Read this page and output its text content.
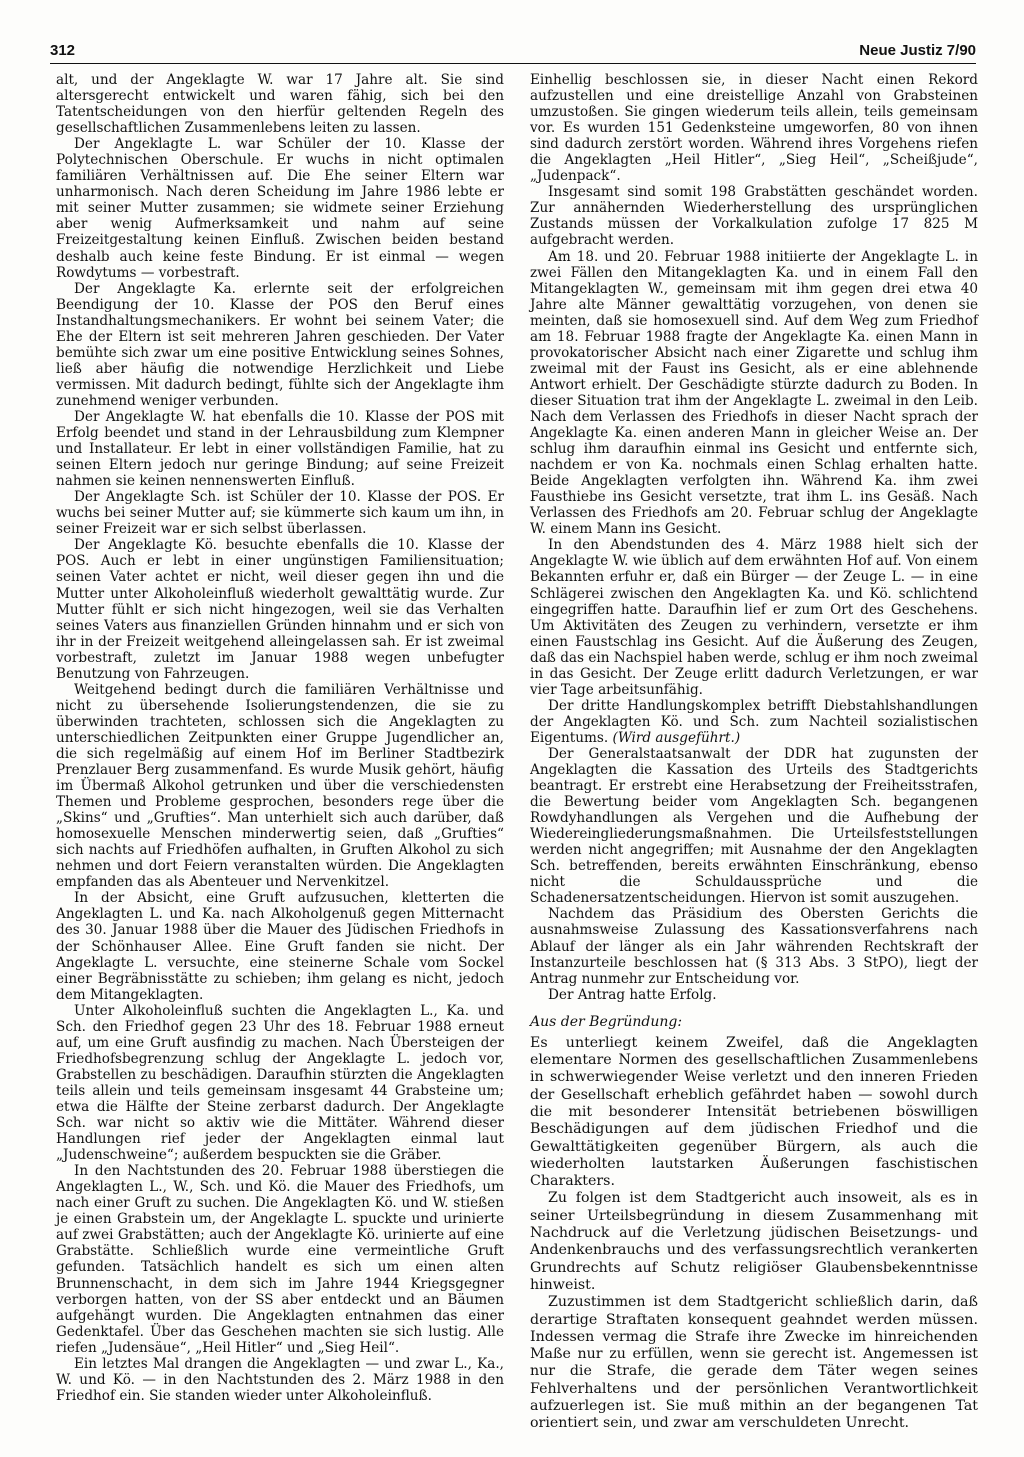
312	Neue Justiz 7/90

alt, und der Angeklagte W. war 17 Jahre alt. Sie sind altersgerecht entwickelt und waren fähig, sich bei den Tatentscheidungen von den hierfür geltenden Regeln des gesellschaftlichen Zusammenlebens leiten zu lassen.

Der Angeklagte L. war Schüler der 10. Klasse der Polytechnischen Oberschule. Er wuchs in nicht optimalen familiären Verhältnissen auf. Die Ehe seiner Eltern war unharmonisch. Nach deren Scheidung im Jahre 1986 lebte er mit seiner Mutter zusammen; sie widmete seiner Erziehung aber wenig Aufmerksamkeit und nahm auf seine Freizeitgestaltung keinen Einfluß. Zwischen beiden bestand deshalb auch keine feste Bindung. Er ist einmal — wegen Rowdytums — vorbestraft.

Der Angeklagte Ka. erlernte seit der erfolgreichen Beendigung der 10. Klasse der POS den Beruf eines Instandhaltungsmechanikers. Er wohnt bei seinem Vater; die Ehe der Eltern ist seit mehreren Jahren geschieden. Der Vater bemühte sich zwar um eine positive Entwicklung seines Sohnes, ließ aber häufig die notwendige Herzlichkeit und Liebe vermissen. Mit dadurch bedingt, fühlte sich der Angeklagte ihm zunehmend weniger verbunden.

Der Angeklagte W. hat ebenfalls die 10. Klasse der POS mit Erfolg beendet und stand in der Lehrausbildung zum Klempner und Installateur. Er lebt in einer vollständigen Familie, hat zu seinen Eltern jedoch nur geringe Bindung; auf seine Freizeit nahmen sie keinen nennenswerten Einfluß.

Der Angeklagte Sch. ist Schüler der 10. Klasse der POS. Er wuchs bei seiner Mutter auf; sie kümmerte sich kaum um ihn, in seiner Freizeit war er sich selbst überlassen.

Der Angeklagte Kö. besuchte ebenfalls die 10. Klasse der POS. Auch er lebt in einer ungünstigen Familiensituation; seinen Vater achtet er nicht, weil dieser gegen ihn und die Mutter unter Alkoholeinfluß wiederholt gewalttätig wurde. Zur Mutter fühlt er sich nicht hingezogen, weil sie das Verhalten seines Vaters aus finanziellen Gründen hinnahm und er sich von ihr in der Freizeit weitgehend alleingelassen sah. Er ist zweimal vorbestraft, zuletzt im Januar 1988 wegen unbefugter Benutzung von Fahrzeugen.

Weitgehend bedingt durch die familiären Verhältnisse und nicht zu übersehende Isolierungstendenzen, die sie zu überwinden trachteten, schlossen sich die Angeklagten zu unterschiedlichen Zeitpunkten einer Gruppe Jugendlicher an, die sich regelmäßig auf einem Hof im Berliner Stadtbezirk Prenzlauer Berg zusammenfand. Es wurde Musik gehört, häufig im Übermaß Alkohol getrunken und über die verschiedensten Themen und Probleme gesprochen, besonders rege über die „Skins“ und „Grufties“. Man unterhielt sich auch darüber, daß homosexuelle Menschen minderwertig seien, daß „Grufties“ sich nachts auf Friedhöfen aufhalten, in Gruften Alkohol zu sich nehmen und dort Feiern veranstalten würden. Die Angeklagten empfanden das als Abenteuer und Nervenkitzel.

In der Absicht, eine Gruft aufzusuchen, kletterten die Angeklagten L. und Ka. nach Alkoholgenuß gegen Mitternacht des 30. Januar 1988 über die Mauer des Jüdischen Friedhofs in der Schönhauser Allee. Eine Gruft fanden sie nicht. Der Angeklagte L. versuchte, eine steinerne Schale vom Sockel einer Begräbnisstätte zu schieben; ihm gelang es nicht, jedoch dem Mitangeklagten.

Unter Alkoholeinfluß suchten die Angeklagten L., Ka. und Sch. den Friedhof gegen 23 Uhr des 18. Februar 1988 erneut auf, um eine Gruft ausfindig zu machen. Nach Übersteigen der Friedhofsbegrenzung schlug der Angeklagte L. jedoch vor, Grabstellen zu beschädigen. Daraufhin stürzten die Angeklagten teils allein und teils gemeinsam insgesamt 44 Grabsteine um; etwa die Hälfte der Steine zerbarst dadurch. Der Angeklagte Sch. war nicht so aktiv wie die Mittäter. Während dieser Handlungen rief jeder der Angeklagten einmal laut „Judenschweine“; außerdem bespuckten sie die Gräber.

In den Nachtstunden des 20. Februar 1988 überstiegen die Angeklagten L., W., Sch. und Kö. die Mauer des Friedhofs, um nach einer Gruft zu suchen. Die Angeklagten Kö. und W. stießen je einen Grabstein um, der Angeklagte L. spuckte und urinierte auf zwei Grabstätten; auch der Angeklagte Kö. urinierte auf eine Grabstätte. Schließlich wurde eine vermeintliche Gruft gefunden. Tatsächlich handelt es sich um einen alten Brunnenschacht, in dem sich im Jahre 1944 Kriegsgegner verborgen hatten, von der SS aber entdeckt und an Bäumen aufgehängt wurden. Die Angeklagten entnahmen das einer Gedenktafel. Über das Geschehen machten sie sich lustig. Alle riefen „Judensäue“, „Heil Hitler“ und „Sieg Heil“.

Ein letztes Mal drangen die Angeklagten — und zwar L., Ka., W. und Kö. — in den Nachtstunden des 2. März 1988 in den Friedhof ein. Sie standen wieder unter Alkoholeinfluß.

Einhellig beschlossen sie, in dieser Nacht einen Rekord aufzustellen und eine dreistellige Anzahl von Grabsteinen umzustoßen. Sie gingen wiederum teils allein, teils gemeinsam vor. Es wurden 151 Gedenksteine umgeworfen, 80 von ihnen sind dadurch zerstört worden. Während ihres Vorgehens riefen die Angeklagten „Heil Hitler“, „Sieg Heil“, „Scheißjude“, „Judenpack“.

Insgesamt sind somit 198 Grabstätten geschändet worden. Zur annähernden Wiederherstellung des ursprünglichen Zustands müssen der Vorkalkulation zufolge 17 825 M aufgebracht werden.

Am 18. und 20. Februar 1988 initiierte der Angeklagte L. in zwei Fällen den Mitangeklagten Ka. und in einem Fall den Mitangeklagten W., gemeinsam mit ihm gegen drei etwa 40 Jahre alte Männer gewalttätig vorzugehen, von denen sie meinten, daß sie homosexuell sind. Auf dem Weg zum Friedhof am 18. Februar 1988 fragte der Angeklagte Ka. einen Mann in provokatorischer Absicht nach einer Zigarette und schlug ihm zweimal mit der Faust ins Gesicht, als er eine ablehnende Antwort erhielt. Der Geschädigte stürzte dadurch zu Boden. In dieser Situation trat ihm der Angeklagte L. zweimal in den Leib. Nach dem Verlassen des Friedhofs in dieser Nacht sprach der Angeklagte Ka. einen anderen Mann in gleicher Weise an. Der schlug ihm daraufhin einmal ins Gesicht und entfernte sich, nachdem er von Ka. nochmals einen Schlag erhalten hatte. Beide Angeklagten verfolgten ihn. Während Ka. ihm zwei Fausthiebe ins Gesicht versetzte, trat ihm L. ins Gesäß. Nach Verlassen des Friedhofs am 20. Februar schlug der Angeklagte W. einem Mann ins Gesicht.

In den Abendstunden des 4. März 1988 hielt sich der Angeklagte W. wie üblich auf dem erwähnten Hof auf. Von einem Bekannten erfuhr er, daß ein Bürger — der Zeuge L. — in eine Schlägerei zwischen den Angeklagten Ka. und Kö. schlichtend eingegriffen hatte. Daraufhin lief er zum Ort des Geschehens. Um Aktivitäten des Zeugen zu verhindern, versetzte er ihm einen Faustschlag ins Gesicht. Auf die Äußerung des Zeugen, daß das ein Nachspiel haben werde, schlug er ihm noch zweimal in das Gesicht. Der Zeuge erlitt dadurch Verletzungen, er war vier Tage arbeitsunfähig.

Der dritte Handlungskomplex betrifft Diebstahlshandlungen der Angeklagten Kö. und Sch. zum Nachteil sozialistischen Eigentums. (Wird ausgeführt.)

Der Generalstaatsanwalt der DDR hat zugunsten der Angeklagten die Kassation des Urteils des Stadtgerichts beantragt. Er erstrebt eine Herabsetzung der Freiheitsstrafen, die Bewertung beider vom Angeklagten Sch. begangenen Rowdyhandlungen als Vergehen und die Aufhebung der Wiedereingliederungsmaßnahmen. Die Urteilsfeststellungen werden nicht angegriffen; mit Ausnahme der den Angeklagten Sch. betreffenden, bereits erwähnten Einschränkung, ebenso nicht die Schuldaussprüche und die Schadenersatzentscheidungen. Hiervon ist somit auszugehen.

Nachdem das Präsidium des Obersten Gerichts die ausnahmsweise Zulassung des Kassationsverfahrens nach Ablauf der länger als ein Jahr währenden Rechtskraft der Instanzurteile beschlossen hat (§ 313 Abs. 3 StPO), liegt der Antrag nunmehr zur Entscheidung vor.

Der Antrag hatte Erfolg.

Aus der Begründung:

Es unterliegt keinem Zweifel, daß die Angeklagten elementare Normen des gesellschaftlichen Zusammenlebens in schwerwiegender Weise verletzt und den inneren Frieden der Gesellschaft erheblich gefährdet haben — sowohl durch die mit besonderer Intensität betriebenen böswilligen Beschädigungen auf dem jüdischen Friedhof und die Gewalttätigkeiten gegenüber Bürgern, als auch die wiederholten lautstarken Äußerungen faschistischen Charakters.

Zu folgen ist dem Stadtgericht auch insoweit, als es in seiner Urteilsbegründung in diesem Zusammenhang mit Nachdruck auf die Verletzung jüdischen Beisetzungs- und Andenkenbrauchs und des verfassungsrechtlich verankerten Grundrechts auf Schutz religiöser Glaubensbekenntnisse hinweist.

Zuzustimmen ist dem Stadtgericht schließlich darin, daß derartige Straftaten konsequent geahndet werden müssen. Indessen vermag die Strafe ihre Zwecke im hinreichenden Maße nur zu erfüllen, wenn sie gerecht ist. Angemessen ist nur die Strafe, die gerade dem Täter wegen seines Fehlverhaltens und der persönlichen Verantwortlichkeit aufzuerlegen ist. Sie muß mithin an der begangenen Tat orientiert sein, und zwar am verschuldeten Unrecht.
